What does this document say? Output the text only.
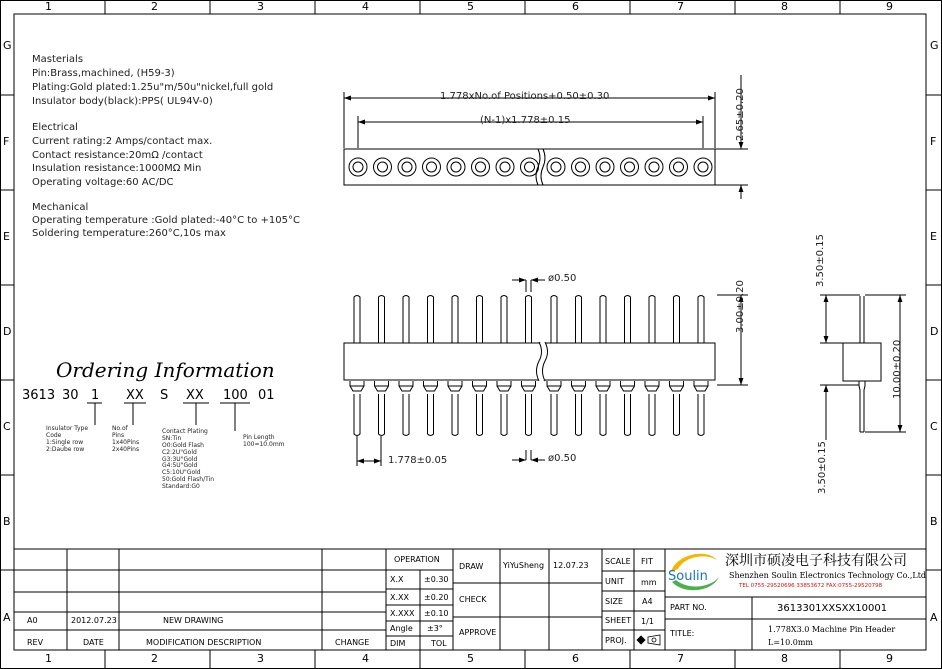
1	2	3	4	5	6	7	8	9
1	2	3	4	5	6	7	8	9
G
F
E
D
C
B
A
G
F
E
D
C
B
A
Masterials
Pin:Brass,machined, (H59-3)
Plating:Gold plated:1.25u"m/50u"nickel,full gold
Insulator body(black):PPS( UL94V-0)
Electrical
Current rating:2 Amps/contact max.
Contact resistance:20mΩ /contact
Insulation resistance:1000MΩ Min
Operating voltage:60 AC/DC
Mechanical
Operating temperature :Gold plated:-40°C to +105°C
Soldering temperature:260°C,10s max
Ordering Information
3613 30 1 XX S XX 100 01
Insulator Type
Code
1:Single row
2:Daube row
No.of
Pins
1x40Pins
2x40Pins
Contact Plating
SN:Tin
O0:Gold Flash
C2:2U"Gold
G3:3U"Gold
G4:5U"Gold
C5:10U"Gold
50:Gold Flash/Tin
Standard:G0
Pin Length
100=10.0mm
1.778xNo.of Positions+0.50±0.30
(N-1)x1.778±0.15	2.65±0.20
ø0.50
3.00±0.20
1.778±0.05	ø0.50
3.50±0.15
10.00±0.20
3.50±0.15
A0	2012.07.23	NEW DRAWING
REV	DATE	MODIFICATION DESCRIPTION	CHANGE
OPERATION
X.X	±0.30
X.XX ±0.20
X.XXX ±0.10
Angle ±3°
DIM	TOL
DRAW YiYuSheng 12.07.23
CHECK
APPROVE
SCALE FIT
UNIT mm
SIZE A4
SHEET 1/1
PROJ.
Soulin
深圳市硕凌电子科技有限公司
Shenzhen Soulin Electronics Technology Co.,Ltd
TEL 0755-29520696 33853672 FAX:0755-29520798
PART NO.	3613301XXSXX10001
TITLE:	1.778X3.0 Machine Pin Header
L=10.0mm
